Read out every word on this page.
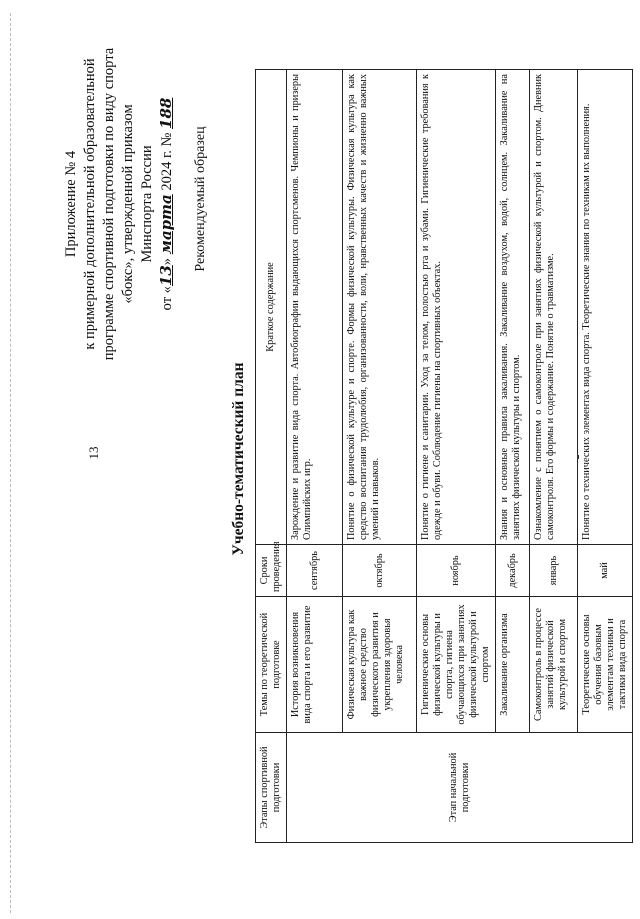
13
Приложение № 4 к примерной дополнительной образовательной программе спортивной подготовки по виду спорта «бокс», утвержденной приказом Минспорта России
от «13» марта 2024 г. № 188
Рекомендуемый образец
Учебно-тематический план
Этапы спортивной подготовки	Темы по теоретической подготовке	Сроки проведения	Краткое содержание
Этап начальной подготовки	История возникновения вида спорта и его развитие	сентябрь	Зарождение и развитие вида спорта. Автобиографии выдающихся спортсменов. Чемпионы и призеры Олимпийских игр.
	Физическая культура как важное средство физического развития и укрепления здоровья человека	октябрь	Понятие о физической культуре и спорте. Формы физической культуры. Физическая культура как средство воспитания трудолюбия, организованности, воли, нравственных качеств и жизненно важных умений и навыков.
	Гигиенические основы физической культуры и спорта, гигиена обучающихся при занятиях физической культурой и спортом	ноябрь	Понятие о гигиене и санитарии. Уход за телом, полостью рта и зубами. Гигиенические требования к одежде и обуви. Соблюдение гигиены на спортивных объектах.
	Закаливание организма	декабрь	Знания и основные правила закаливания. Закаливание воздухом, водой, солнцем. Закаливание на занятиях физической культуры и спортом.
	Самоконтроль в процессе занятий физической культурой и спортом	январь	Ознакомление с понятием о самоконтроле при занятиях физической культурой и спортом. Дневник самоконтроля. Его формы и содержание. Понятие о травматизме.
	Теоретические основы обучения базовым элементам техники и тактики вида спорта	май	Понятие о технических элементах вида спорта. Теоретические знания по техникам их выполнения.
